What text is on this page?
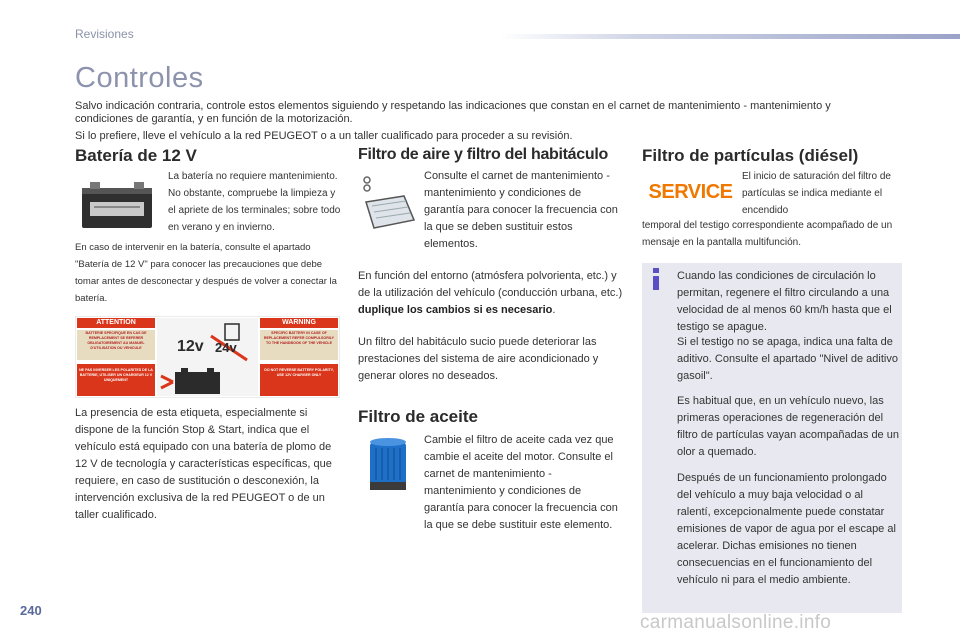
Revisiones
Controles

Salvo indicación contraria, controle estos elementos siguiendo y respetando las indicaciones que constan en el carnet de mantenimiento - mantenimiento y condiciones de garantía, y en función de la motorización.

Si lo prefiere, lleve el vehículo a la red PEUGEOT o a un taller cualificado para proceder a su revisión.

Batería de 12 V
La batería no requiere mantenimiento. No obstante, compruebe la limpieza y el apriete de los terminales; sobre todo en verano y en invierno.
En caso de intervenir en la batería, consulte el apartado "Batería de 12 V" para conocer las precauciones que debe tomar antes de desconectar y después de volver a conectar la batería.
ATTENTION	WARNING
BATTERIE SPECIFIQUE EN CAS DE REMPLACEMENT SE REFERER OBLIGATOIREMENT AU MANUEL D'UTILISATION OU VEHICULE
SPECIFIC BATTERY IN CASE OF REPLACEMENT REFER COMPULSORILY TO THE HANDBOOK OF THE VEHICLE
NE PAS INVERSER LES POLARITES DE LA BATTERIE, UTILISER UN CHARGEUR 12 V UNIQUEMENT
DO NOT REVERSE BATTERY POLARITY, USE 12V CHARGER ONLY
12v 24v
La presencia de esta etiqueta, especialmente si dispone de la función Stop & Start, indica que el vehículo está equipado con una batería de plomo de 12 V de tecnología y características específicas, que requiere, en caso de sustitución o desconexión, la intervención exclusiva de la red PEUGEOT o de un taller cualificado.
Filtro de aire y filtro del habitáculo
Consulte el carnet de mantenimiento - mantenimiento y condiciones de garantía para conocer la frecuencia con la que se deben sustituir estos elementos.
En función del entorno (atmósfera polvorienta, etc.) y de la utilización del vehículo (conducción urbana, etc.) duplique los cambios si es necesario.
Un filtro del habitáculo sucio puede deteriorar las prestaciones del sistema de aire acondicionado y generar olores no deseados.
Filtro de aceite
Cambie el filtro de aceite cada vez que cambie el aceite del motor. Consulte el carnet de mantenimiento - mantenimiento y condiciones de garantía para conocer la frecuencia con la que se debe sustituir este elemento.
Filtro de partículas (diésel)
SERVICE
El inicio de saturación del filtro de partículas se indica mediante el encendido
temporal del testigo correspondiente acompañado de un mensaje en la pantalla multifunción.
Cuando las condiciones de circulación lo permitan, regenere el filtro circulando a una velocidad de al menos 60 km/h hasta que el testigo se apague.
Si el testigo no se apaga, indica una falta de aditivo. Consulte el apartado "Nivel de aditivo gasoil".
Es habitual que, en un vehículo nuevo, las primeras operaciones de regeneración del filtro de partículas vayan acompañadas de un olor a quemado.
Después de un funcionamiento prolongado del vehículo a muy baja velocidad o al ralentí, excepcionalmente puede constatar emisiones de vapor de agua por el escape al acelerar. Dichas emisiones no tienen consecuencias en el funcionamiento del vehículo ni para el medio ambiente.
240
carmanualsonline.info
